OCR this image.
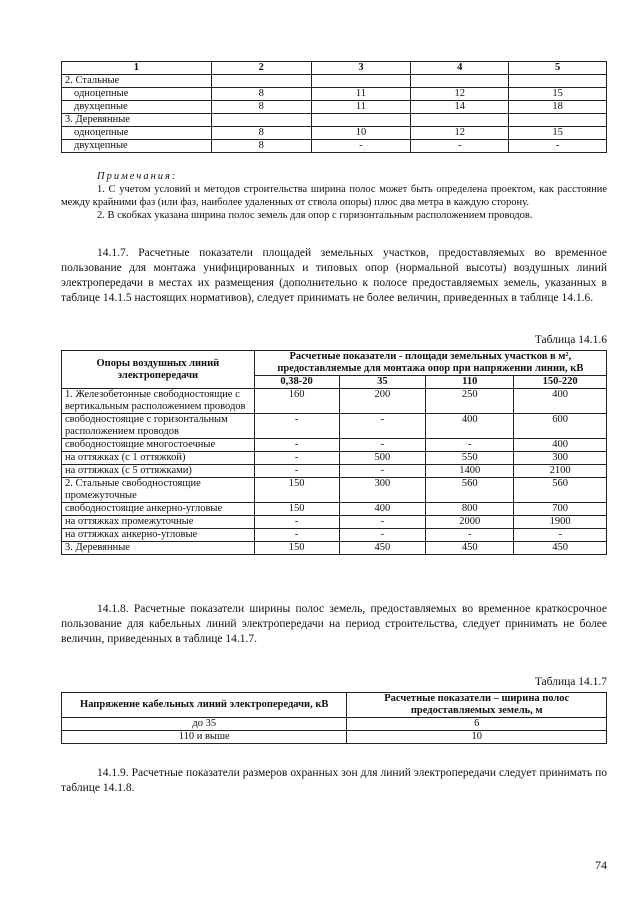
1	2	3	4	5
2. Стальные				
одноцепные	8	11	12	15
двухцепные	8	11	14	18
3. Деревянные				
одноцепные	8	10	12	15
двухцепные	8	-	-	-

Примечания:

1. С учетом условий и методов строительства ширина полос может быть определена проектом, как расстояние между крайними фаз (или фаз, наиболее удаленных от ствола опоры) плюс два метра в каждую сторону.

2. В скобках указана ширина полос земель для опор с горизонтальным расположением проводов.

14.1.7. Расчетные показатели площадей земельных участков, предоставляемых во временное пользование для монтажа унифицированных и типовых опор (нормальной высоты) воздушных линий электропередачи в местах их размещения (дополнительно к полосе предоставляемых земель, указанных в таблице 14.1.5 настоящих нормативов), следует принимать не более величин, приведенных в таблице 14.1.6.

Таблица 14.1.6
Опоры воздушных линий электропередачи	Расчетные показатели - площади земельных участков в м², предоставляемые для монтажа опор при напряжении линии, кВ			
	0,38-20	35	110	150-220
1. Железобетонные свободностоящие с вертикальным расположением проводов	160	200	250	400
свободностоящие с горизонтальным расположением проводов	-	-	400	600
свободностоящие многостоечные	-	-	-	400
на оттяжках (с 1 оттяжкой)	-	500	550	300
на оттяжках (с 5 оттяжками)	-	-	1400	2100
2. Стальные свободностоящие промежуточные	150	300	560	560
свободностоящие анкерно-угловые	150	400	800	700
на оттяжках промежуточные	-	-	2000	1900
на оттяжках анкерно-угловые	-	-	-	-
3. Деревянные	150	450	450	450

14.1.8. Расчетные показатели ширины полос земель, предоставляемых во временное краткосрочное пользование для кабельных линий электропередачи на период строительства, следует принимать не более величин, приведенных в таблице 14.1.7.

Таблица 14.1.7
Напряжение кабельных линий электропередачи, кВ	Расчетные показатели – ширина полос предоставляемых земель, м
до 35	6
110 и выше	10

14.1.9. Расчетные показатели размеров охранных зон для линий электропередачи следует принимать по таблице 14.1.8.

74
